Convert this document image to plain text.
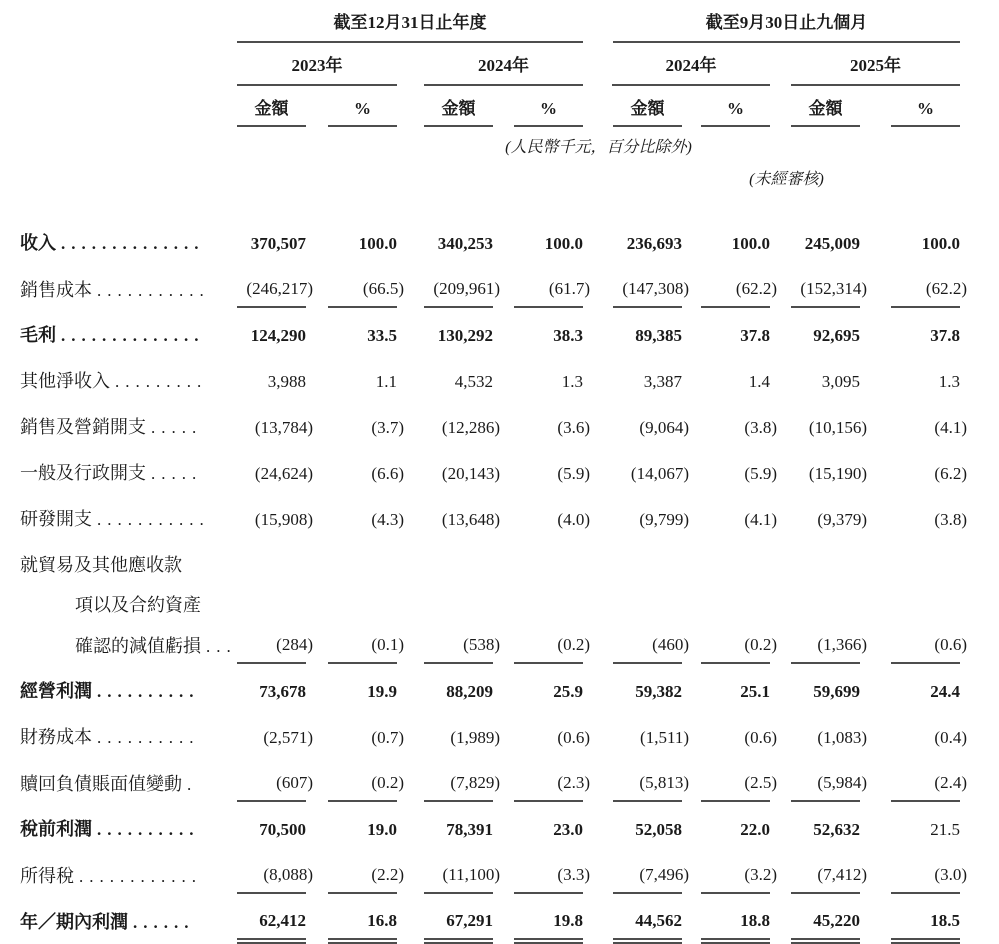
截至12月31日止年度	截至9月30日止九個月
2023年	2024年	2024年	2025年
金額	%	金額	%	金額	%	金額	%
(人民幣千元，百分比除外)
(未經審核)
收入 ..............	370,507	100.0 340,253	100.0	236,693	100.0 245,009	100.0
銷售成本 ...........	(246,217)	(66.5) (209,961)	(61.7) (147,308)	(62.2) (152,314)	(62.2)
毛利 ..............	124,290	33.5 130,292	38.3	89,385	37.8	92,695	37.8
其他淨收入 .........	3,988	1.1	4,532	1.3	3,387	1.4	3,095	1.3
銷售及營銷開支 .....	(13,784)	(3.7) (12,286)	(3.6)	(9,064)	(3.8) (10,156)	(4.1)
一般及行政開支 .....	(24,624)	(6.6) (20,143)	(5.9) (14,067)	(5.9) (15,190)	(6.2)
研發開支 ...........	(15,908)	(4.3) (13,648)	(4.0)	(9,799)	(4.1) (9,379)	(3.8)
就貿易及其他應收款
項以及合約資產
確認的減值虧損 ... (284)	(0.1)	(538)	(0.2)	(460)	(0.2) (1,366)	(0.6)
經營利潤 ..........	73,678	19.9	88,209	25.9	59,382	25.1	59,699	24.4
財務成本 ..........	(2,571)	(0.7)	(1,989)	(0.6)	(1,511)	(0.6) (1,083)	(0.4)
贖回負債賬面值變動 .	(607)	(0.2)	(7,829)	(2.3)	(5,813)	(2.5) (5,984)	(2.4)
稅前利潤 ..........	70,500	19.0	78,391	23.0	52,058	22.0	52,632	21.5
所得稅 ............	(8,088)	(2.2) (11,100)	(3.3)	(7,496)	(3.2) (7,412)	(3.0)
年／期內利潤 ......	62,412	16.8	67,291	19.8	44,562	18.8	45,220	18.5
